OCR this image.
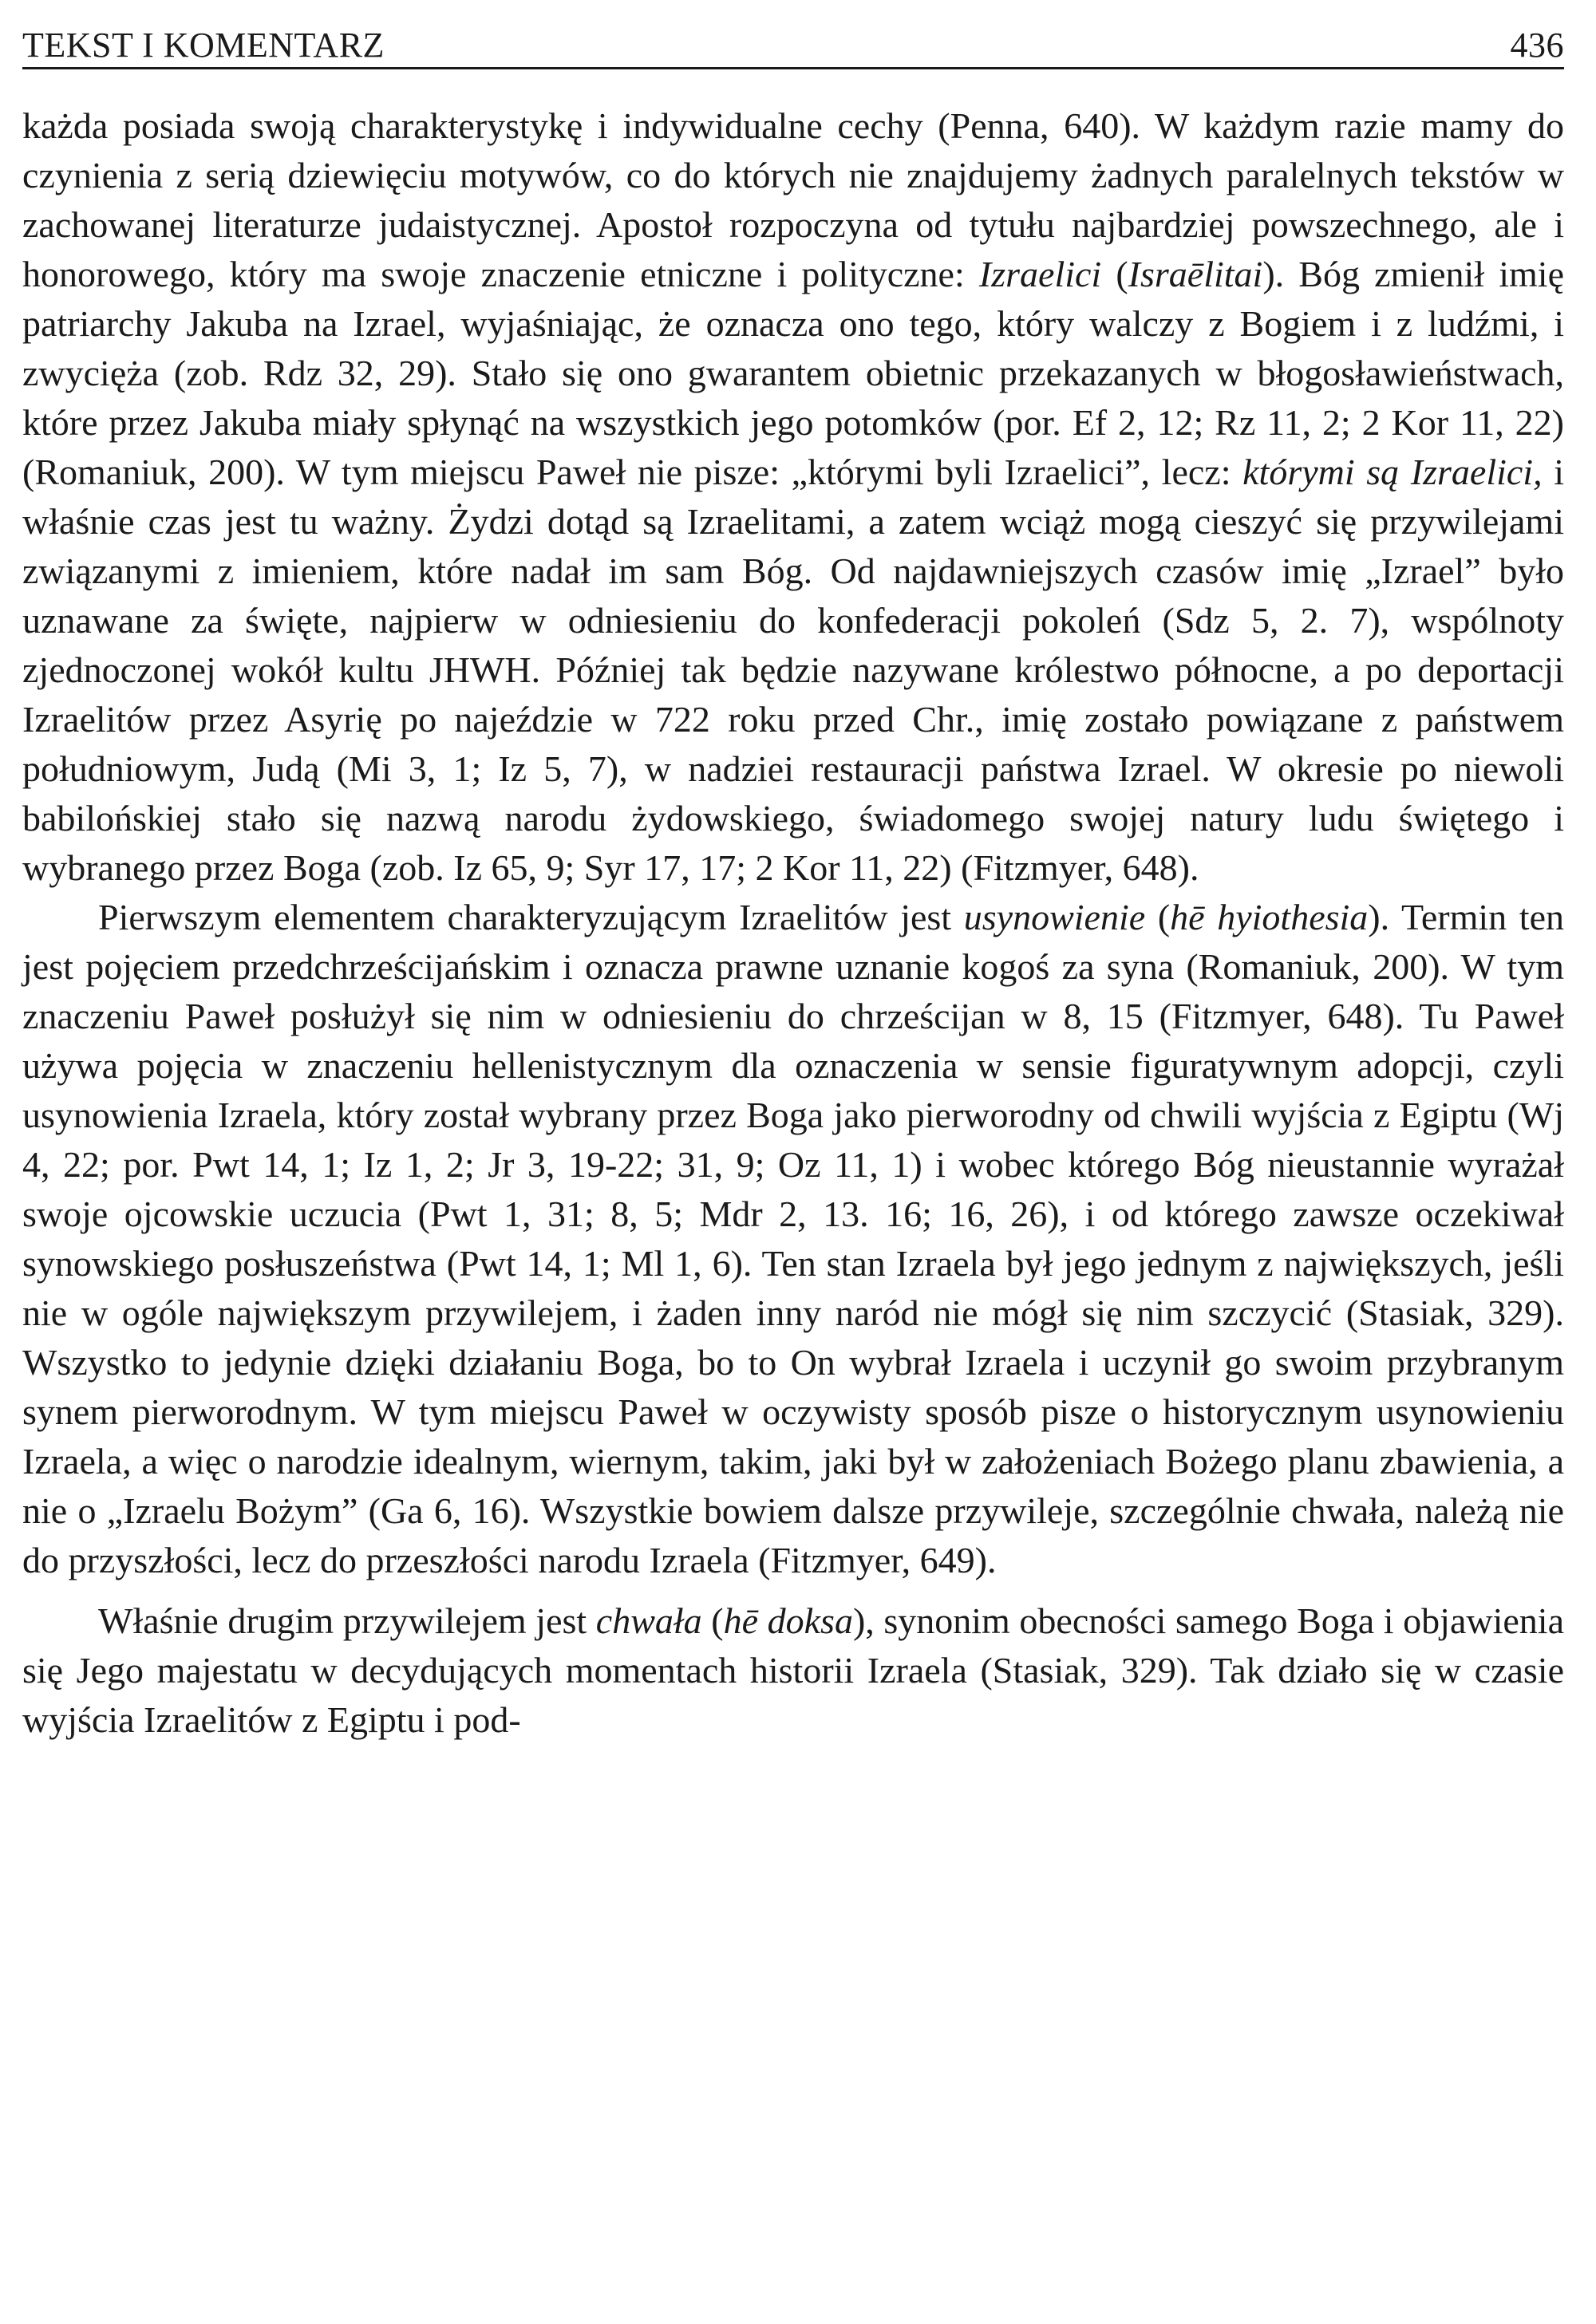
TEKST I KOMENTARZ	436

każda posiada swoją charakterystykę i indywidualne cechy (Penna, 640). W każdym razie mamy do czynienia z serią dziewięciu motywów, co do których nie znajdujemy żadnych paralelnych tekstów w zachowanej literaturze judaistycznej. Apostoł rozpoczyna od tytułu najbardziej powszechnego, ale i honorowego, który ma swoje znaczenie etniczne i polityczne: Izraelici (Israēlitai). Bóg zmienił imię patriarchy Jakuba na Izrael, wyjaśniając, że oznacza ono tego, który walczy z Bogiem i z ludźmi, i zwycięża (zob. Rdz 32, 29). Stało się ono gwarantem obietnic przekazanych w błogosławieństwach, które przez Jakuba miały spłynąć na wszystkich jego potomków (por. Ef 2, 12; Rz 11, 2; 2 Kor 11, 22) (Romaniuk, 200). W tym miejscu Paweł nie pisze: „którymi byli Izraelici”, lecz: którymi są Izraelici, i właśnie czas jest tu ważny. Żydzi dotąd są Izraelitami, a zatem wciąż mogą cieszyć się przywilejami związanymi z imieniem, które nadał im sam Bóg. Od najdawniejszych czasów imię „Izrael” było uznawane za święte, najpierw w odniesieniu do konfederacji pokoleń (Sdz 5, 2. 7), wspólnoty zjednoczonej wokół kultu JHWH. Później tak będzie nazywane królestwo północne, a po deportacji Izraelitów przez Asyrię po najeździe w 722 roku przed Chr., imię zostało powiązane z państwem południowym, Judą (Mi 3, 1; Iz 5, 7), w nadziei restauracji państwa Izrael. W okresie po niewoli babilońskiej stało się nazwą narodu żydowskiego, świadomego swojej natury ludu świętego i wybranego przez Boga (zob. Iz 65, 9; Syr 17, 17; 2 Kor 11, 22) (Fitzmyer, 648).

Pierwszym elementem charakteryzującym Izraelitów jest usynowienie (hē hyiothesia). Termin ten jest pojęciem przedchrześcijańskim i oznacza prawne uznanie kogoś za syna (Romaniuk, 200). W tym znaczeniu Paweł posłużył się nim w odniesieniu do chrześcijan w 8, 15 (Fitzmyer, 648). Tu Paweł używa pojęcia w znaczeniu hellenistycznym dla oznaczenia w sensie figuratywnym adopcji, czyli usynowienia Izraela, który został wybrany przez Boga jako pierworodny od chwili wyjścia z Egiptu (Wj 4, 22; por. Pwt 14, 1; Iz 1, 2; Jr 3, 19-22; 31, 9; Oz 11, 1) i wobec którego Bóg nieustannie wyrażał swoje ojcowskie uczucia (Pwt 1, 31; 8, 5; Mdr 2, 13. 16; 16, 26), i od którego zawsze oczekiwał synowskiego posłuszeństwa (Pwt 14, 1; Ml 1, 6). Ten stan Izraela był jego jednym z największych, jeśli nie w ogóle największym przywilejem, i żaden inny naród nie mógł się nim szczycić (Stasiak, 329). Wszystko to jedynie dzięki działaniu Boga, bo to On wybrał Izraela i uczynił go swoim przybranym synem pierworodnym. W tym miejscu Paweł w oczywisty sposób pisze o historycznym usynowieniu Izraela, a więc o narodzie idealnym, wiernym, takim, jaki był w założeniach Bożego planu zbawienia, a nie o „Izraelu Bożym” (Ga 6, 16). Wszystkie bowiem dalsze przywileje, szczególnie chwała, należą nie do przyszłości, lecz do przeszłości narodu Izraela (Fitzmyer, 649).

Właśnie drugim przywilejem jest chwała (hē doksa), synonim obecności samego Boga i objawienia się Jego majestatu w decydujących momentach historii Izraela (Stasiak, 329). Tak działo się w czasie wyjścia Izraelitów z Egiptu i pod-
